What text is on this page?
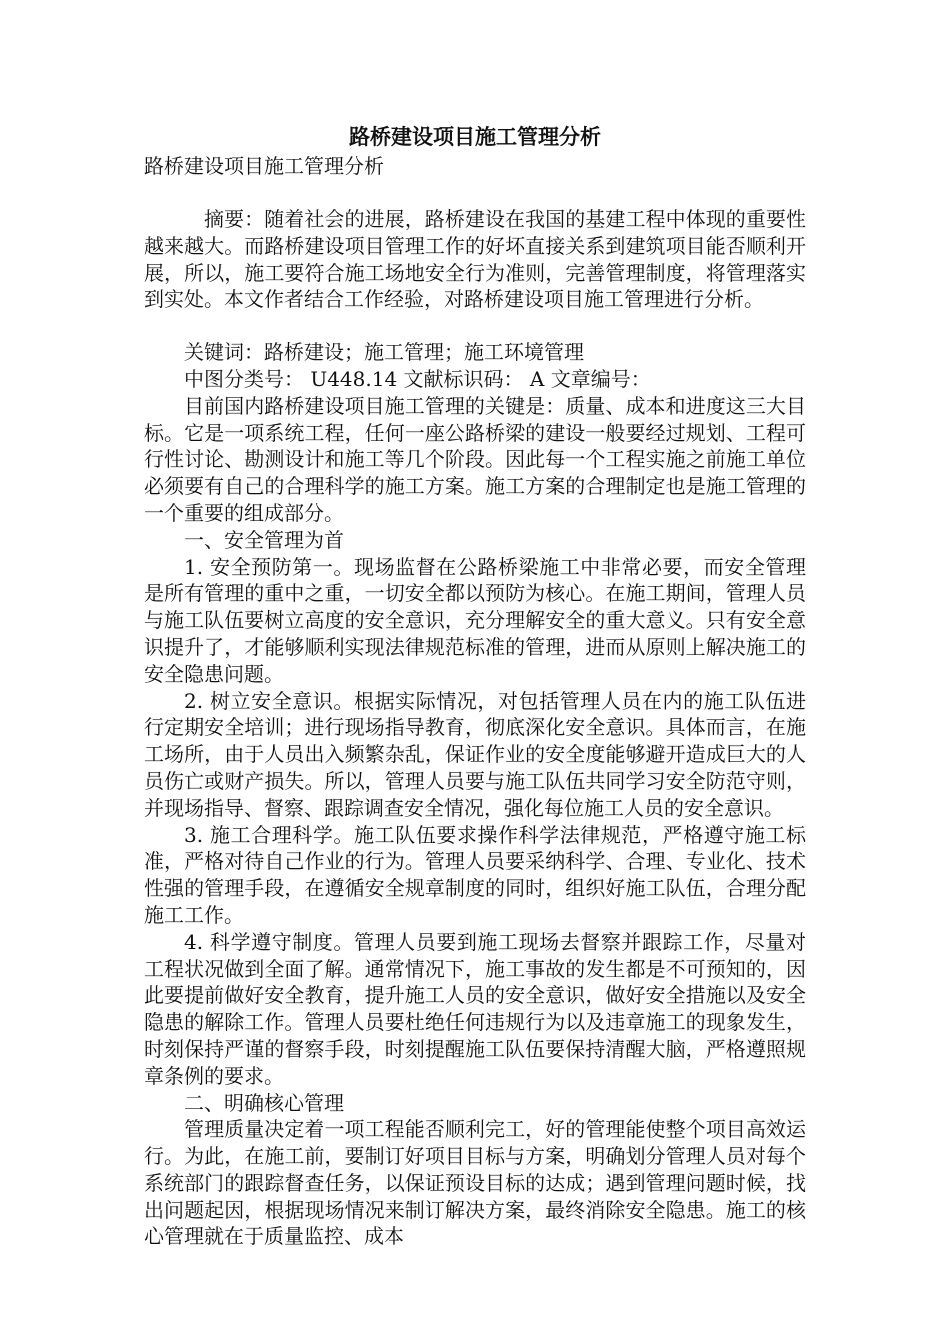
路桥建设项目施工管理分析

路桥建设项目施工管理分析

摘要：随着社会的进展，路桥建设在我国的基建工程中体现的重要性越来越大。而路桥建设项目管理工作的好坏直接关系到建筑项目能否顺利开展，所以，施工要符合施工场地安全行为准则，完善管理制度，将管理落实到实处。本文作者结合工作经验，对路桥建设项目施工管理进行分析。

关键词：路桥建设；施工管理；施工环境管理

中图分类号： U448.14 文献标识码： A 文章编号：

目前国内路桥建设项目施工管理的关键是：质量、成本和进度这三大目标。它是一项系统工程，任何一座公路桥梁的建设一般要经过规划、工程可行性讨论、勘测设计和施工等几个阶段。因此每一个工程实施之前施工单位必须要有自己的合理科学的施工方案。施工方案的合理制定也是施工管理的一个重要的组成部分。

一、安全管理为首

1. 安全预防第一。现场监督在公路桥梁施工中非常必要，而安全管理是所有管理的重中之重，一切安全都以预防为核心。在施工期间，管理人员与施工队伍要树立高度的安全意识，充分理解安全的重大意义。只有安全意识提升了，才能够顺利实现法律规范标准的管理，进而从原则上解决施工的安全隐患问题。

2. 树立安全意识。根据实际情况，对包括管理人员在内的施工队伍进行定期安全培训；进行现场指导教育，彻底深化安全意识。具体而言，在施工场所，由于人员出入频繁杂乱，保证作业的安全度能够避开造成巨大的人员伤亡或财产损失。所以，管理人员要与施工队伍共同学习安全防范守则，并现场指导、督察、跟踪调查安全情况，强化每位施工人员的安全意识。

3. 施工合理科学。施工队伍要求操作科学法律规范，严格遵守施工标准，严格对待自己作业的行为。管理人员要采纳科学、合理、专业化、技术性强的管理手段，在遵循安全规章制度的同时，组织好施工队伍，合理分配施工工作。

4. 科学遵守制度。管理人员要到施工现场去督察并跟踪工作，尽量对工程状况做到全面了解。通常情况下，施工事故的发生都是不可预知的，因此要提前做好安全教育，提升施工人员的安全意识，做好安全措施以及安全隐患的解除工作。管理人员要杜绝任何违规行为以及违章施工的现象发生，时刻保持严谨的督察手段，时刻提醒施工队伍要保持清醒大脑，严格遵照规章条例的要求。

二、明确核心管理

管理质量决定着一项工程能否顺利完工，好的管理能使整个项目高效运行。为此，在施工前，要制订好项目目标与方案，明确划分管理人员对每个系统部门的跟踪督查任务，以保证预设目标的达成；遇到管理问题时候，找出问题起因，根据现场情况来制订解决方案，最终消除安全隐患。施工的核心管理就在于质量监控、成本
